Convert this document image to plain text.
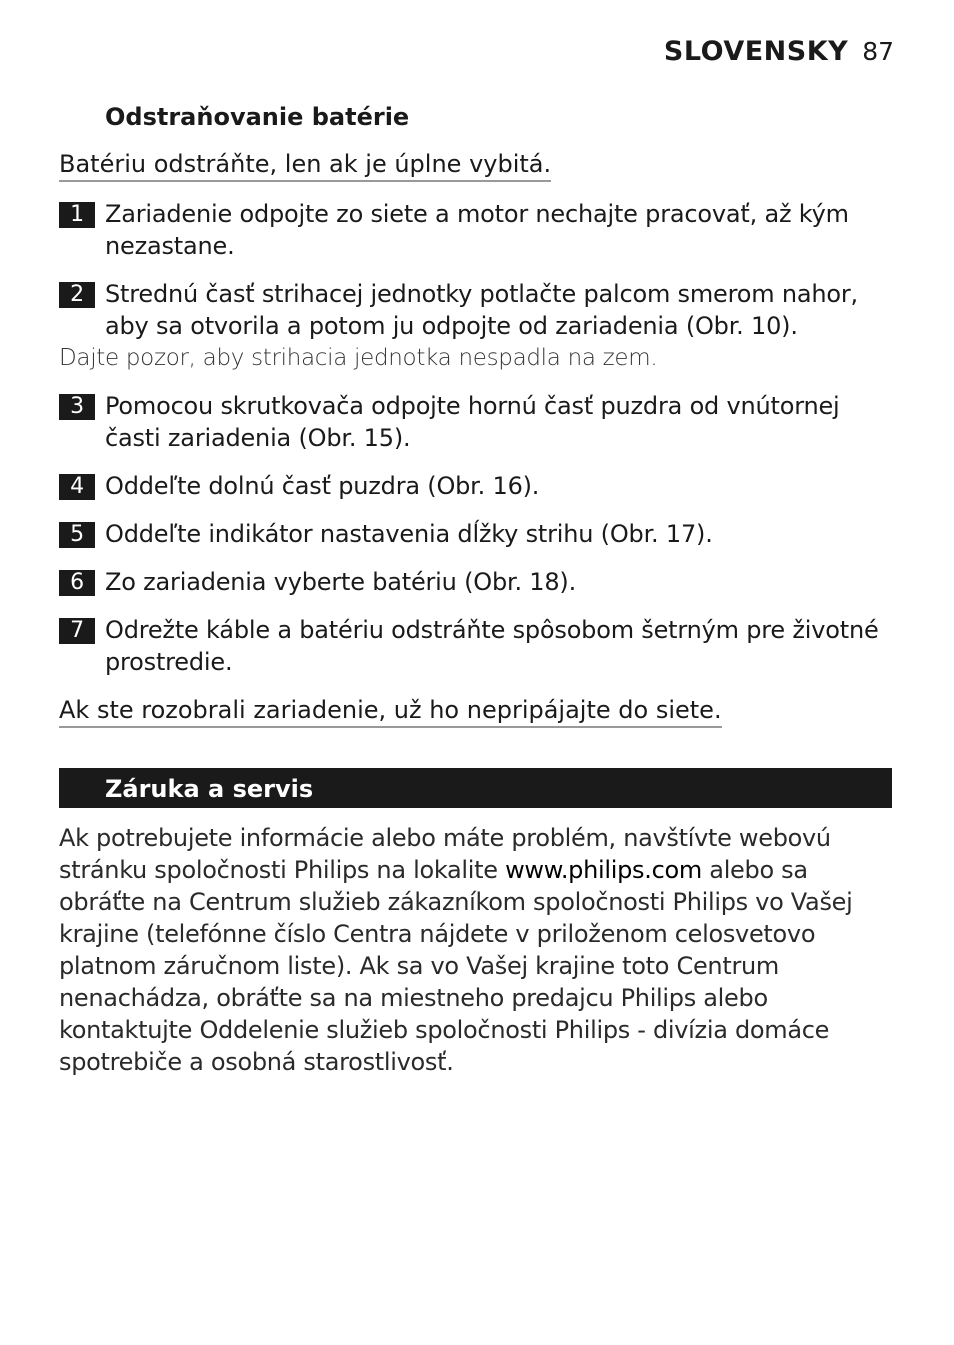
SLOVENSKY 87
Odstraňovanie batérie
Batériu odstráňte, len ak je úplne vybitá.
1 Zariadenie odpojte zo siete a motor nechajte pracovať, až kým nezastane.
2 Strednú časť strihacej jednotky potlačte palcom smerom nahor, aby sa otvorila a potom ju odpojte od zariadenia (Obr. 10).
Dajte pozor, aby strihacia jednotka nespadla na zem.
3 Pomocou skrutkovača odpojte hornú časť puzdra od vnútornej časti zariadenia (Obr. 15).
4 Oddeľte dolnú časť puzdra (Obr. 16).
5 Oddeľte indikátor nastavenia dĺžky strihu (Obr. 17).
6 Zo zariadenia vyberte batériu (Obr. 18).
7 Odrežte káble a batériu odstráňte spôsobom šetrným pre životné prostredie.
Ak ste rozobrali zariadenie, už ho nepripájajte do siete.
Záruka a servis
Ak potrebujete informácie alebo máte problém, navštívte webovú stránku spoločnosti Philips na lokalite www.philips.com alebo sa obráťte na Centrum služieb zákazníkom spoločnosti Philips vo Vašej krajine (telefónne číslo Centra nájdete v priloženom celosvetovo platnom záručnom liste). Ak sa vo Vašej krajine toto Centrum nenachádza, obráťte sa na miestneho predajcu Philips alebo kontaktujte Oddelenie služieb spoločnosti Philips - divízia domáce spotrebiče a osobná starostlivosť.
